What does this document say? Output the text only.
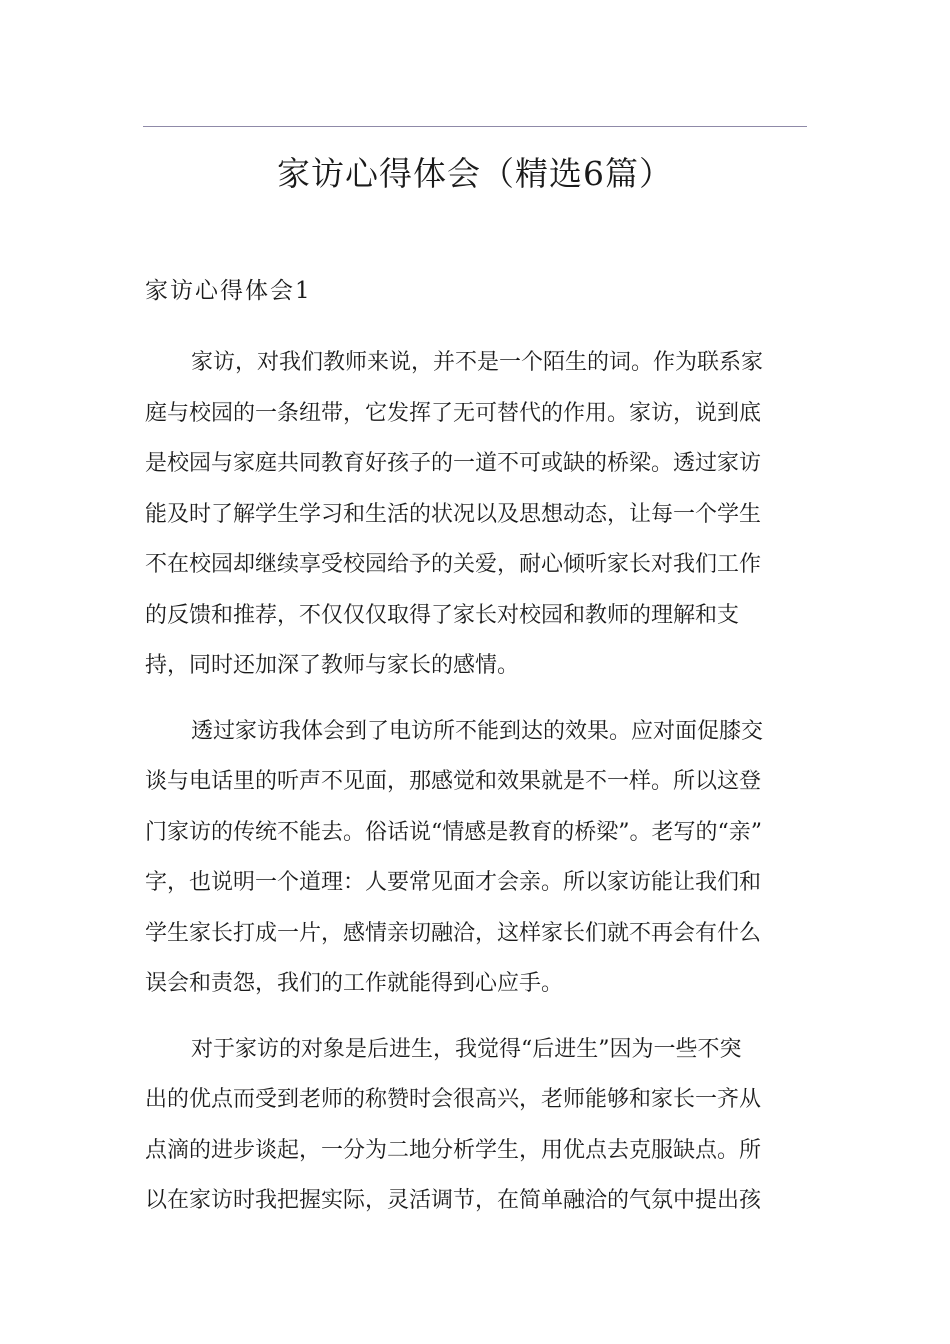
家访心得体会（精选6篇）
家访心得体会1

家访，对我们教师来说，并不是一个陌生的词。作为联系家
庭与校园的一条纽带，它发挥了无可替代的作用。家访，说到底
是校园与家庭共同教育好孩子的一道不可或缺的桥梁。透过家访
能及时了解学生学习和生活的状况以及思想动态，让每一个学生
不在校园却继续享受校园给予的关爱，耐心倾听家长对我们工作
的反馈和推荐，不仅仅仅取得了家长对校园和教师的理解和支
持，同时还加深了教师与家长的感情。

透过家访我体会到了电访所不能到达的效果。应对面促膝交
谈与电话里的听声不见面，那感觉和效果就是不一样。所以这登
门家访的传统不能去。俗话说“情感是教育的桥梁”。老写的“亲”
字，也说明一个道理：人要常见面才会亲。所以家访能让我们和
学生家长打成一片，感情亲切融洽，这样家长们就不再会有什么
误会和责怨，我们的工作就能得到心应手。

对于家访的对象是后进生，我觉得“后进生”因为一些不突
出的优点而受到老师的称赞时会很高兴，老师能够和家长一齐从
点滴的进步谈起，一分为二地分析学生，用优点去克服缺点。所
以在家访时我把握实际，灵活调节，在简单融洽的气氛中提出孩
